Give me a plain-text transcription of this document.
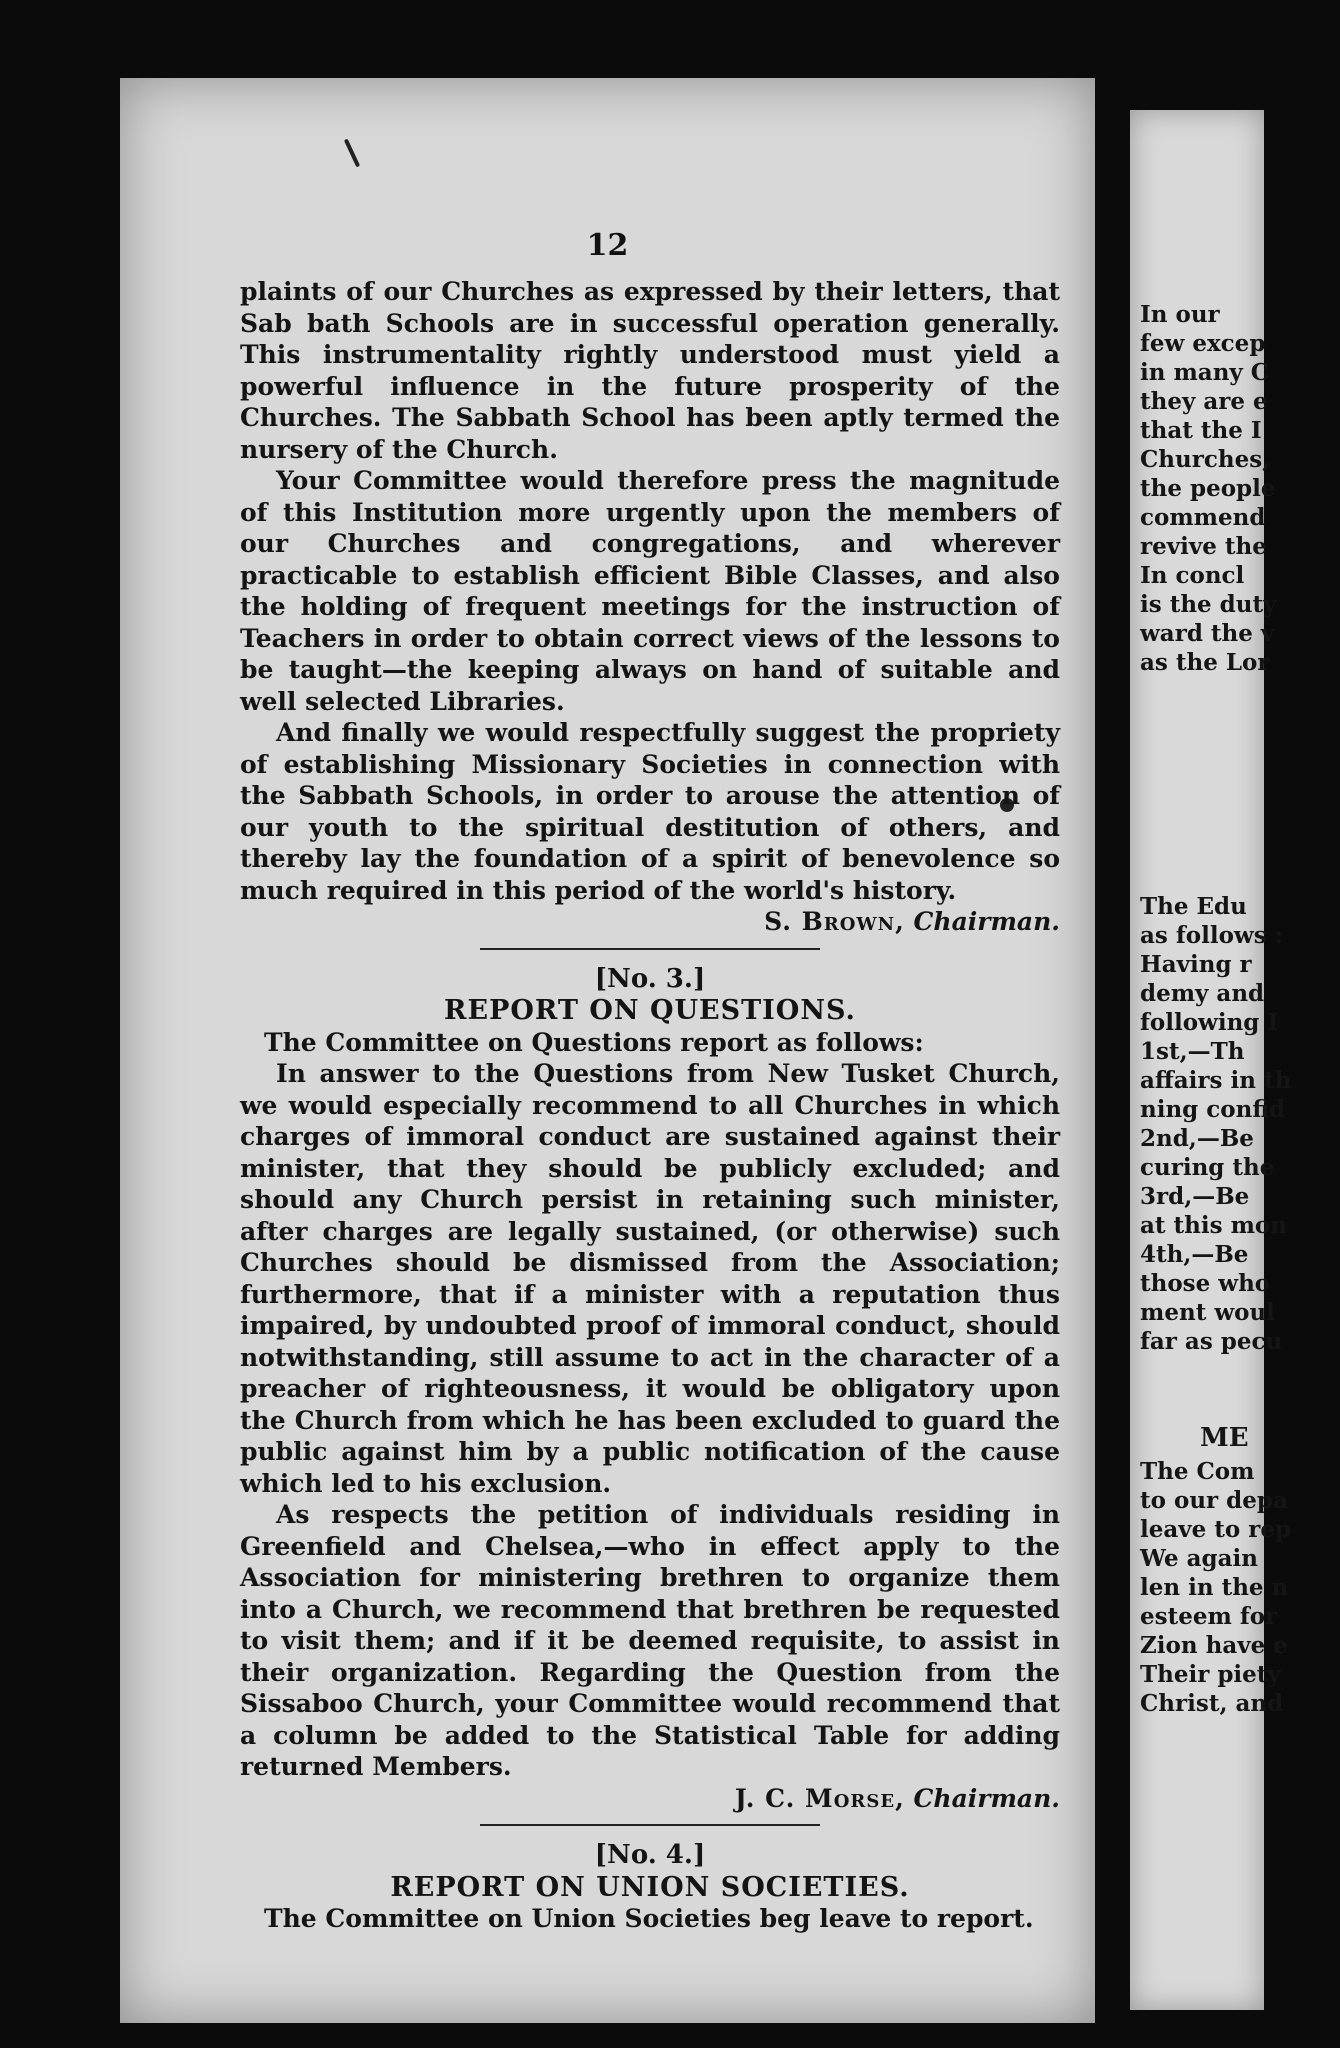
12

plaints of our Churches as expressed by their letters, that Sab bath Schools are in successful operation generally. This instrumentality rightly understood must yield a powerful influence in the future prosperity of the Churches. The Sabbath School has been aptly termed the nursery of the Church.

Your Committee would therefore press the magnitude of this Institution more urgently upon the members of our Churches and congregations, and wherever practicable to establish efficient Bible Classes, and also the holding of frequent meetings for the instruction of Teachers in order to obtain correct views of the lessons to be taught—the keeping always on hand of suitable and well selected Libraries.

And finally we would respectfully suggest the propriety of establishing Missionary Societies in connection with the Sabbath Schools, in order to arouse the attention of our youth to the spiritual destitution of others, and thereby lay the foundation of a spirit of benevolence so much required in this period of the world's history.

S. Brown, Chairman.

[No. 3.]

REPORT ON QUESTIONS.

The Committee on Questions report as follows:

In answer to the Questions from New Tusket Church, we would especially recommend to all Churches in which charges of immoral conduct are sustained against their minister, that they should be publicly excluded; and should any Church persist in retaining such minister, after charges are legally sustained, (or otherwise) such Churches should be dismissed from the Association; furthermore, that if a minister with a reputation thus impaired, by undoubted proof of immoral conduct, should notwithstanding, still assume to act in the character of a preacher of righteousness, it would be obligatory upon the Church from which he has been excluded to guard the public against him by a public notification of the cause which led to his exclusion.

As respects the petition of individuals residing in Greenfield and Chelsea,—who in effect apply to the Association for ministering brethren to organize them into a Church, we recommend that brethren be requested to visit them; and if it be deemed requisite, to assist in their organization. Regarding the Question from the Sissaboo Church, your Committee would recommend that a column be added to the Statistical Table for adding returned Members.

J. C. Morse, Chairman.

[No. 4.]

REPORT ON UNION SOCIETIES.

The Committee on Union Societies beg leave to report.

In our
few excep
in many C
they are e
that the I
Churches,
the people
commend
revive the
In concl
is the duty
ward the v
as the Lor
The Edu
as follows :
Having r
demy and
following I
1st,—Th
affairs in th
ning confid
2nd,—Be
curing the
3rd,—Be
at this mon
4th,—Be
those who
ment woul
far as pecu
ME
The Com
to our depa
leave to rep
We again
len in the n
esteem for
Zion have e
Their piety
Christ, and
